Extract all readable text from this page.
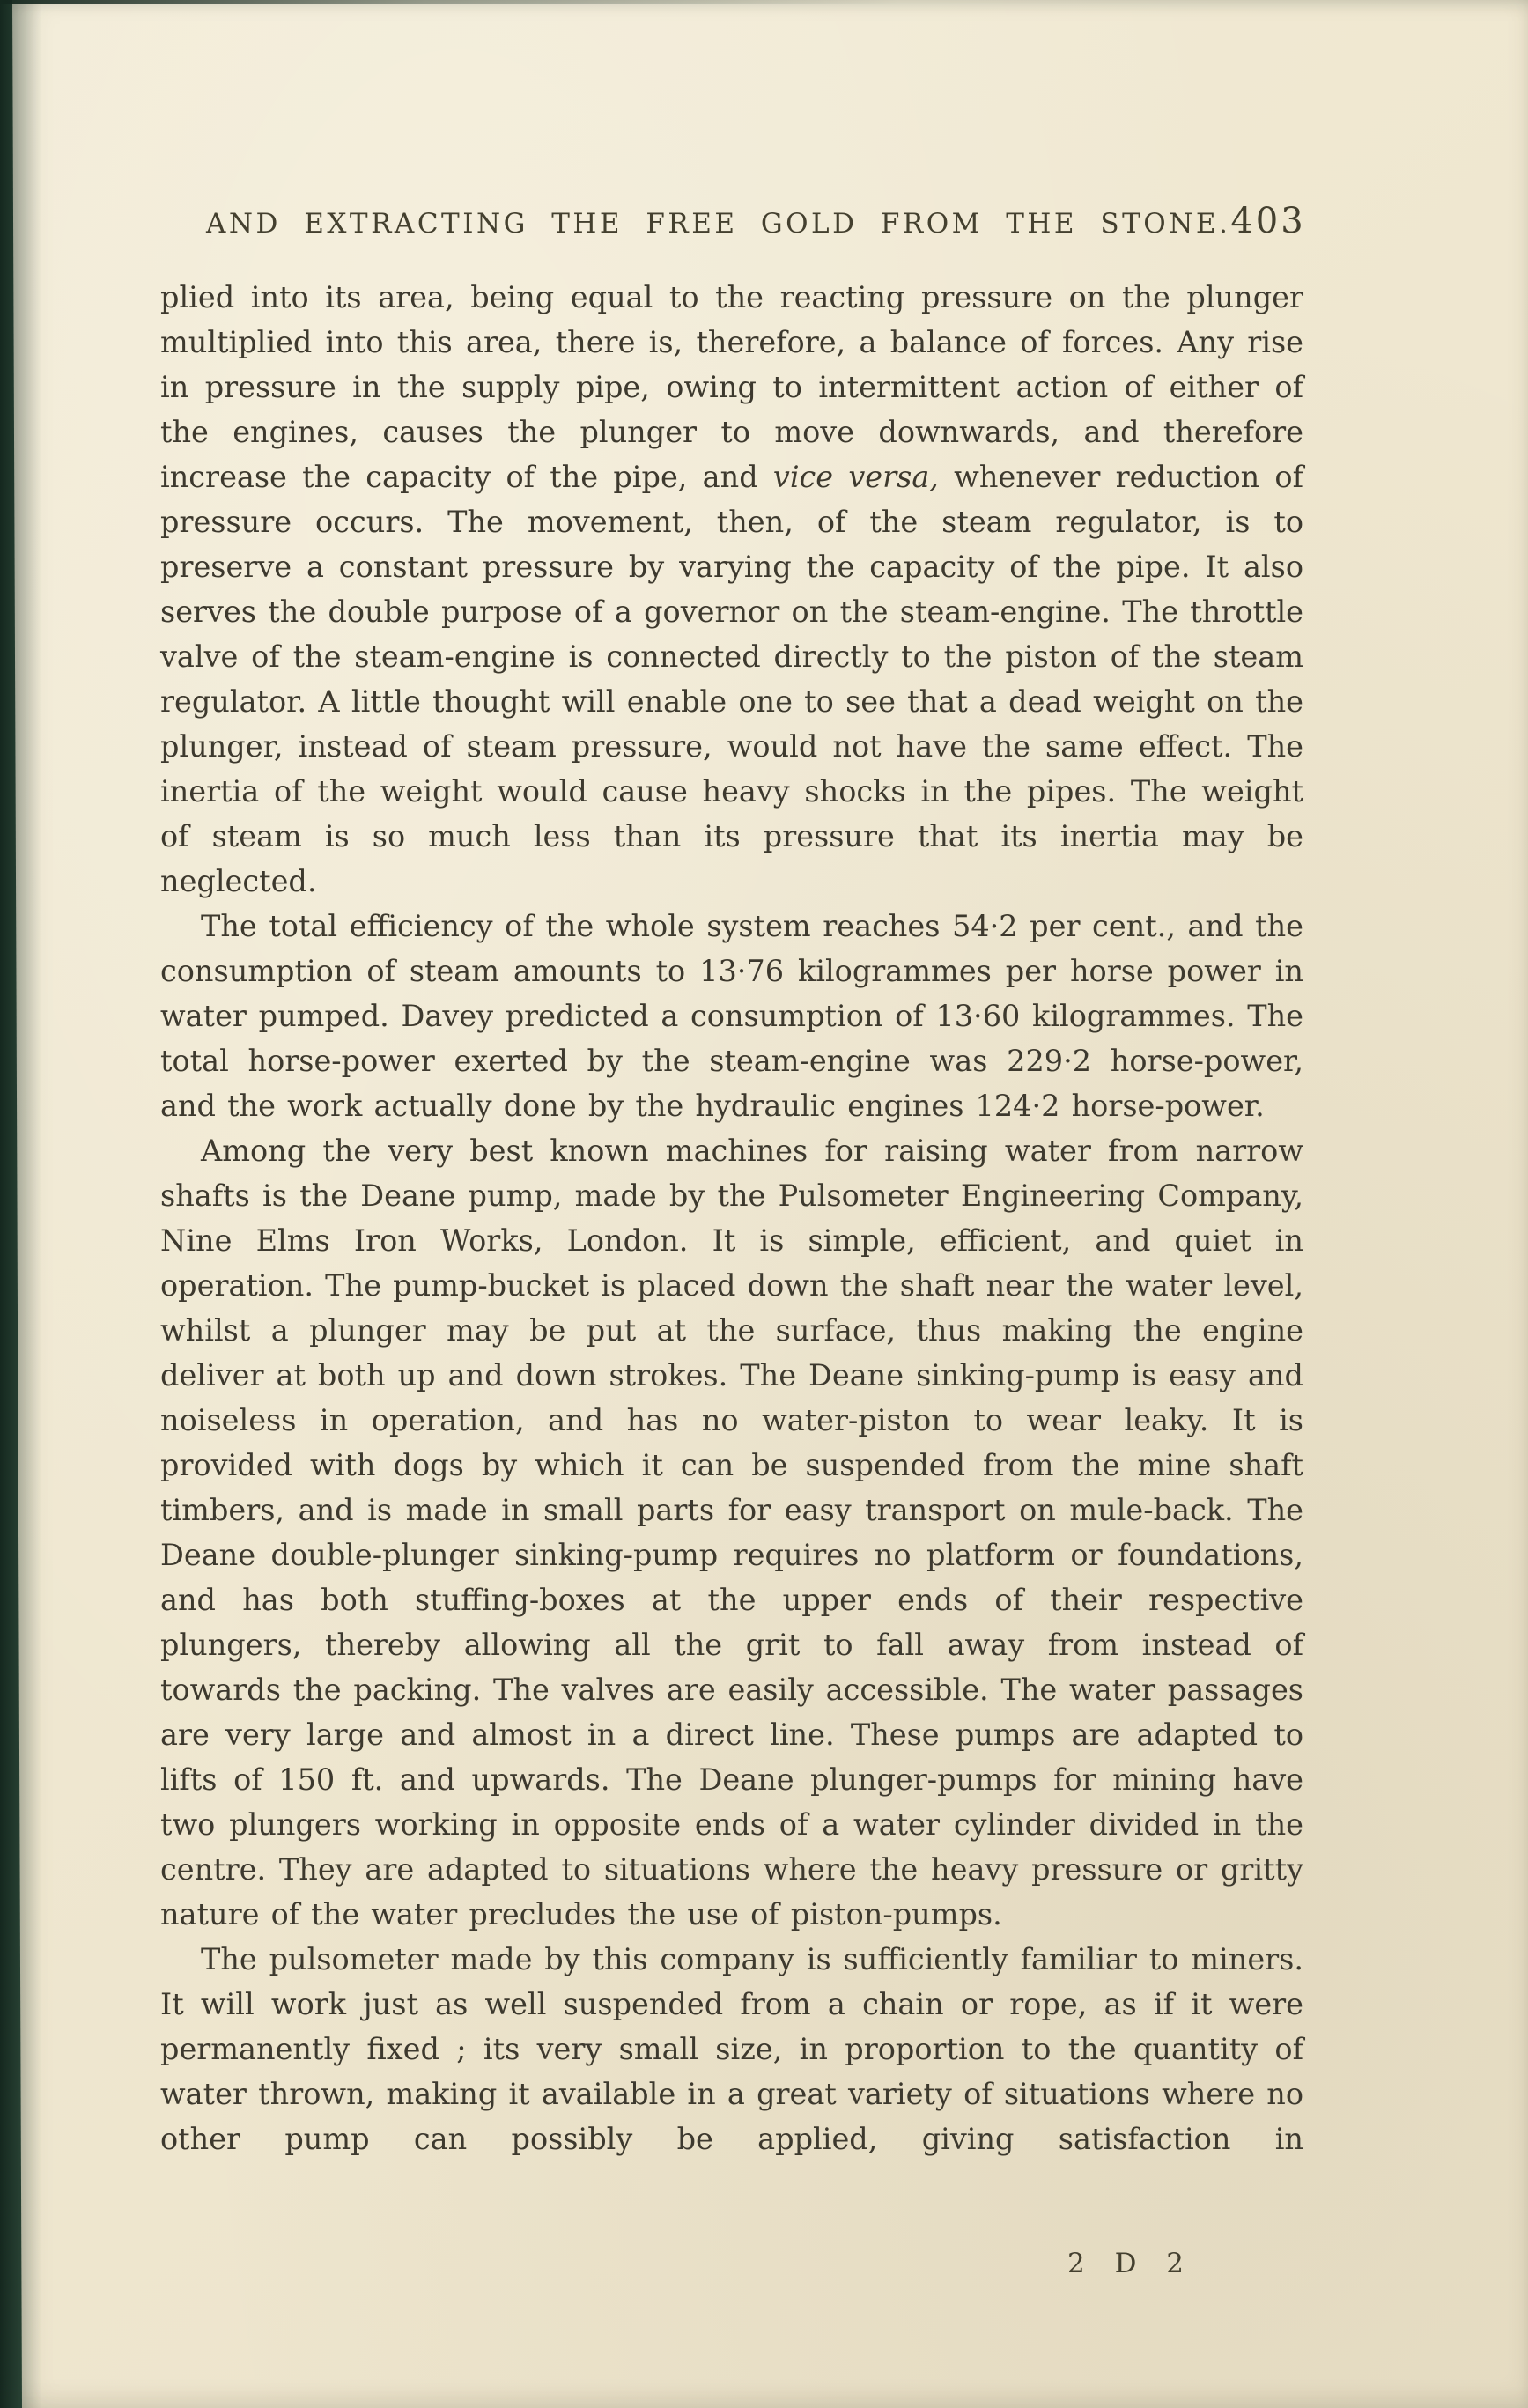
AND EXTRACTING THE FREE GOLD FROM THE STONE. 403

plied into its area, being equal to the reacting pressure on the plunger multiplied into this area, there is, therefore, a balance of forces. Any rise in pressure in the supply pipe, owing to intermittent action of either of the engines, causes the plunger to move downwards, and therefore increase the capacity of the pipe, and vice versa, whenever reduction of pressure occurs. The movement, then, of the steam regulator, is to preserve a constant pressure by varying the capacity of the pipe. It also serves the double purpose of a governor on the steam-engine. The throttle valve of the steam-engine is connected directly to the piston of the steam regulator. A little thought will enable one to see that a dead weight on the plunger, instead of steam pressure, would not have the same effect. The inertia of the weight would cause heavy shocks in the pipes. The weight of steam is so much less than its pressure that its inertia may be neglected.

The total efficiency of the whole system reaches 54·2 per cent., and the consumption of steam amounts to 13·76 kilogrammes per horse power in water pumped. Davey predicted a consumption of 13·60 kilogrammes. The total horse-power exerted by the steam-engine was 229·2 horse-power, and the work actually done by the hydraulic engines 124·2 horse-power.

Among the very best known machines for raising water from narrow shafts is the Deane pump, made by the Pulsometer Engineering Company, Nine Elms Iron Works, London. It is simple, efficient, and quiet in operation. The pump-bucket is placed down the shaft near the water level, whilst a plunger may be put at the surface, thus making the engine deliver at both up and down strokes. The Deane sinking-pump is easy and noiseless in operation, and has no water-piston to wear leaky. It is provided with dogs by which it can be suspended from the mine shaft timbers, and is made in small parts for easy transport on mule-back. The Deane double-plunger sinking-pump requires no platform or foundations, and has both stuffing-boxes at the upper ends of their respective plungers, thereby allowing all the grit to fall away from instead of towards the packing. The valves are easily accessible. The water passages are very large and almost in a direct line. These pumps are adapted to lifts of 150 ft. and upwards. The Deane plunger-pumps for mining have two plungers working in opposite ends of a water cylinder divided in the centre. They are adapted to situations where the heavy pressure or gritty nature of the water precludes the use of piston-pumps.

The pulsometer made by this company is sufficiently familiar to miners. It will work just as well suspended from a chain or rope, as if it were permanently fixed ; its very small size, in proportion to the quantity of water thrown, making it available in a great variety of situations where no other pump can possibly be applied, giving satisfaction in

2 D 2
